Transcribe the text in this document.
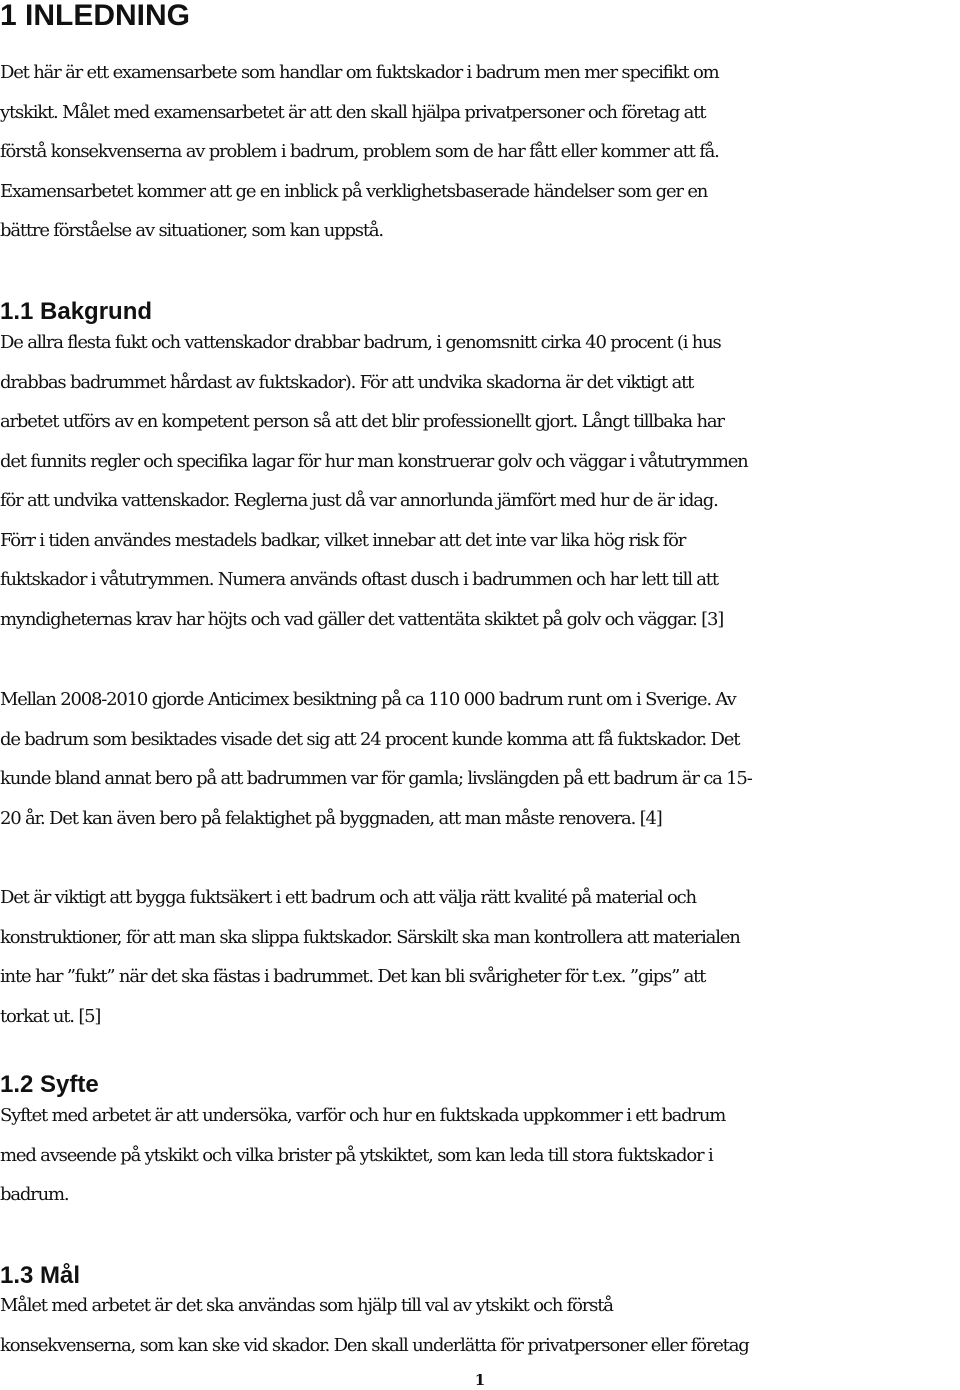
1 INLEDNING
Det här är ett examensarbete som handlar om fuktskador i badrum men mer specifikt om
ytskikt. Målet med examensarbetet är att den skall hjälpa privatpersoner och företag att
förstå konsekvenserna av problem i badrum, problem som de har fått eller kommer att få.
Examensarbetet kommer att ge en inblick på verklighetsbaserade händelser som ger en
bättre förståelse av situationer, som kan uppstå.
1.1 Bakgrund
De allra flesta fukt och vattenskador drabbar badrum, i genomsnitt cirka 40 procent (i hus
drabbas badrummet hårdast av fuktskador). För att undvika skadorna är det viktigt att
arbetet utförs av en kompetent person så att det blir professionellt gjort. Långt tillbaka har
det funnits regler och specifika lagar för hur man konstruerar golv och väggar i våtutrymmen
för att undvika vattenskador. Reglerna just då var annorlunda jämfört med hur de är idag.
Förr i tiden användes mestadels badkar, vilket innebar att det inte var lika hög risk för
fuktskador i våtutrymmen. Numera används oftast dusch i badrummen och har lett till att
myndigheternas krav har höjts och vad gäller det vattentäta skiktet på golv och väggar. [3]
Mellan 2008-2010 gjorde Anticimex besiktning på ca 110 000 badrum runt om i Sverige. Av
de badrum som besiktades visade det sig att 24 procent kunde komma att få fuktskador. Det
kunde bland annat bero på att badrummen var för gamla; livslängden på ett badrum är ca 15-
20 år. Det kan även bero på felaktighet på byggnaden, att man måste renovera. [4]
Det är viktigt att bygga fuktsäkert i ett badrum och att välja rätt kvalité på material och
konstruktioner, för att man ska slippa fuktskador. Särskilt ska man kontrollera att materialen
inte har ”fukt” när det ska fästas i badrummet. Det kan bli svårigheter för t.ex. ”gips” att
torkat ut. [5]
1.2 Syfte
Syftet med arbetet är att undersöka, varför och hur en fuktskada uppkommer i ett badrum
med avseende på ytskikt och vilka brister på ytskiktet, som kan leda till stora fuktskador i
badrum.
1.3 Mål
Målet med arbetet är det ska användas som hjälp till val av ytskikt och förstå
konsekvenserna, som kan ske vid skador. Den skall underlätta för privatpersoner eller företag
1
